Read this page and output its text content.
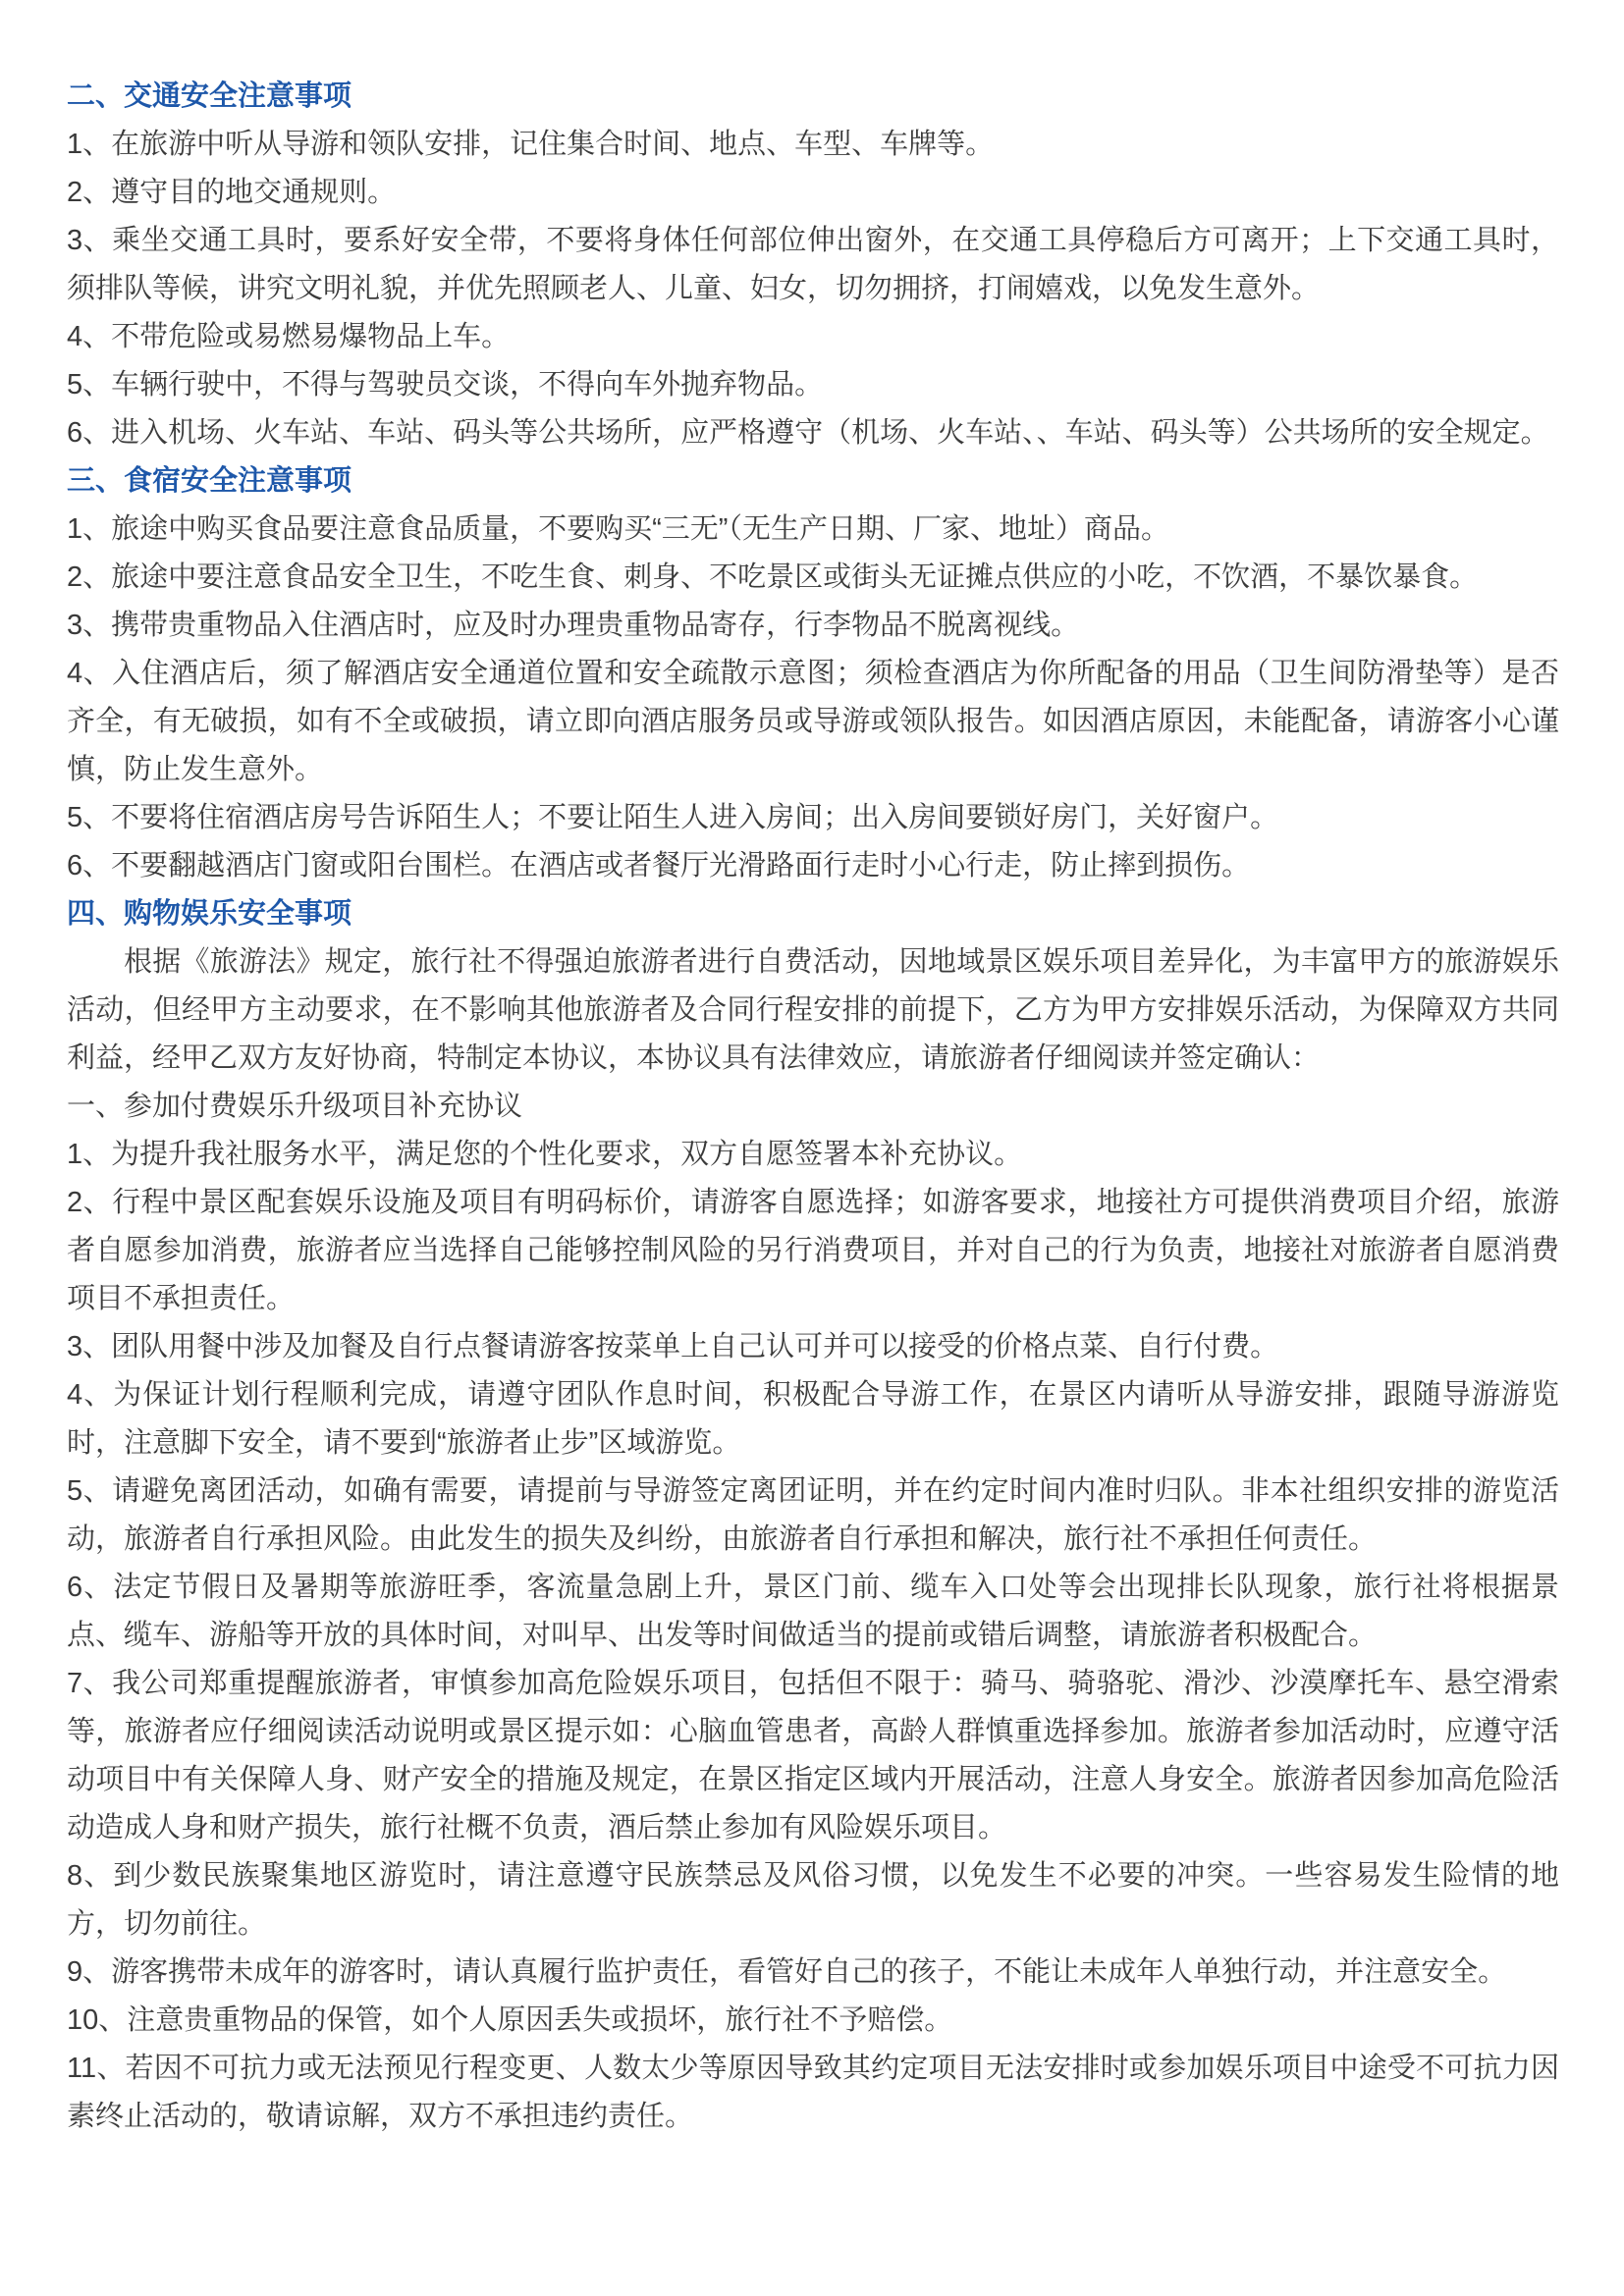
二、交通安全注意事项

1、在旅游中听从导游和领队安排，记住集合时间、地点、车型、车牌等。

2、遵守目的地交通规则。

3、乘坐交通工具时，要系好安全带，不要将身体任何部位伸出窗外，在交通工具停稳后方可离开；上下交通工具时，须排队等候，讲究文明礼貌，并优先照顾老人、儿童、妇女，切勿拥挤，打闹嬉戏，以免发生意外。

4、不带危险或易燃易爆物品上车。

5、车辆行驶中，不得与驾驶员交谈，不得向车外抛弃物品。

6、进入机场、火车站、车站、码头等公共场所，应严格遵守（机场、火车站、、车站、码头等）公共场所的安全规定。

三、食宿安全注意事项

1、旅途中购买食品要注意食品质量，不要购买“三无”（无生产日期、厂家、地址）商品。

2、旅途中要注意食品安全卫生，不吃生食、刺身、不吃景区或街头无证摊点供应的小吃，不饮酒，不暴饮暴食。

3、携带贵重物品入住酒店时，应及时办理贵重物品寄存，行李物品不脱离视线。

4、入住酒店后，须了解酒店安全通道位置和安全疏散示意图；须检查酒店为你所配备的用品（卫生间防滑垫等）是否齐全，有无破损，如有不全或破损，请立即向酒店服务员或导游或领队报告。如因酒店原因，未能配备，请游客小心谨慎，防止发生意外。

5、不要将住宿酒店房号告诉陌生人；不要让陌生人进入房间；出入房间要锁好房门，关好窗户。

6、不要翻越酒店门窗或阳台围栏。在酒店或者餐厅光滑路面行走时小心行走，防止摔到损伤。

四、购物娱乐安全事项

根据《旅游法》规定，旅行社不得强迫旅游者进行自费活动，因地域景区娱乐项目差异化，为丰富甲方的旅游娱乐活动，但经甲方主动要求，在不影响其他旅游者及合同行程安排的前提下，乙方为甲方安排娱乐活动，为保障双方共同利益，经甲乙双方友好协商，特制定本协议，本协议具有法律效应，请旅游者仔细阅读并签定确认：

一、参加付费娱乐升级项目补充协议

1、为提升我社服务水平，满足您的个性化要求，双方自愿签署本补充协议。

2、行程中景区配套娱乐设施及项目有明码标价，请游客自愿选择；如游客要求，地接社方可提供消费项目介绍，旅游者自愿参加消费，旅游者应当选择自己能够控制风险的另行消费项目，并对自己的行为负责，地接社对旅游者自愿消费项目不承担责任。

3、团队用餐中涉及加餐及自行点餐请游客按菜单上自己认可并可以接受的价格点菜、自行付费。

4、为保证计划行程顺利完成，请遵守团队作息时间，积极配合导游工作，在景区内请听从导游安排，跟随导游游览时，注意脚下安全，请不要到“旅游者止步”区域游览。

5、请避免离团活动，如确有需要，请提前与导游签定离团证明，并在约定时间内准时归队。非本社组织安排的游览活动，旅游者自行承担风险。由此发生的损失及纠纷，由旅游者自行承担和解决，旅行社不承担任何责任。

6、法定节假日及暑期等旅游旺季，客流量急剧上升，景区门前、缆车入口处等会出现排长队现象，旅行社将根据景点、缆车、游船等开放的具体时间，对叫早、出发等时间做适当的提前或错后调整，请旅游者积极配合。

7、我公司郑重提醒旅游者，审慎参加高危险娱乐项目，包括但不限于：骑马、骑骆驼、滑沙、沙漠摩托车、悬空滑索等，旅游者应仔细阅读活动说明或景区提示如：心脑血管患者，高龄人群慎重选择参加。旅游者参加活动时，应遵守活动项目中有关保障人身、财产安全的措施及规定，在景区指定区域内开展活动，注意人身安全。旅游者因参加高危险活动造成人身和财产损失，旅行社概不负责，酒后禁止参加有风险娱乐项目。

8、到少数民族聚集地区游览时，请注意遵守民族禁忌及风俗习惯，以免发生不必要的冲突。一些容易发生险情的地方，切勿前往。

9、游客携带未成年的游客时，请认真履行监护责任，看管好自己的孩子，不能让未成年人单独行动，并注意安全。

10、注意贵重物品的保管，如个人原因丢失或损坏，旅行社不予赔偿。

11、若因不可抗力或无法预见行程变更、人数太少等原因导致其约定项目无法安排时或参加娱乐项目中途受不可抗力因素终止活动的，敬请谅解，双方不承担违约责任。
